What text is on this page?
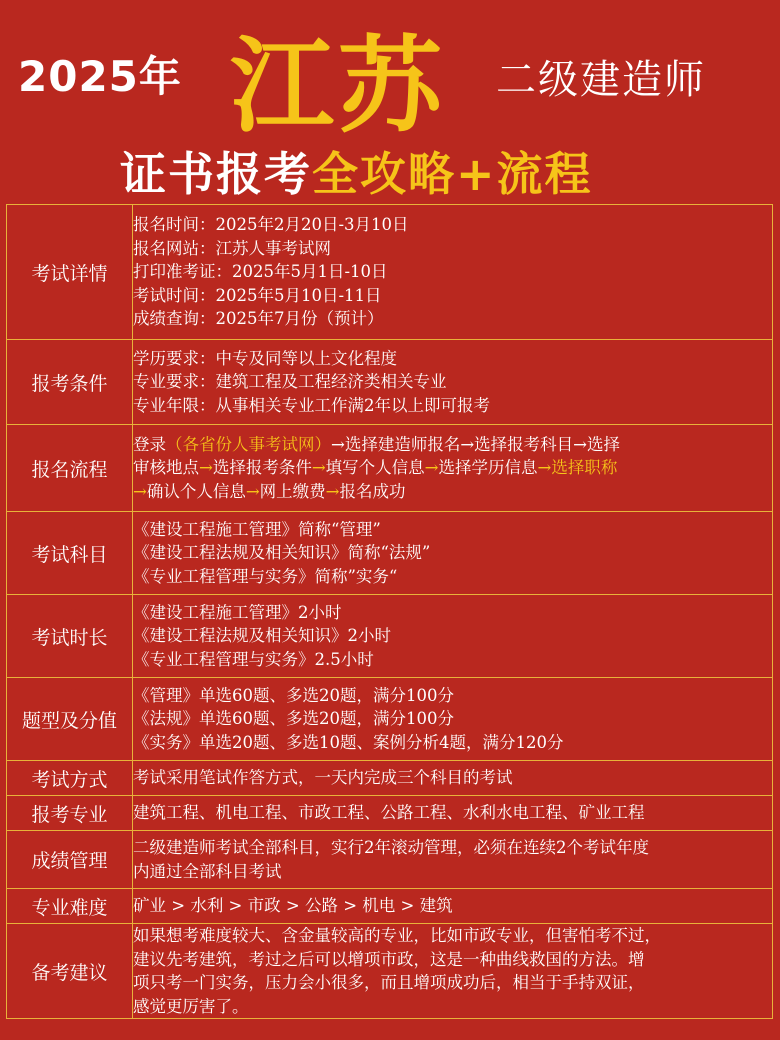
2025年 江苏 二级建造师
证书报考全攻略+流程
考试详情	报名时间：2025年2月20日-3月10日
报名网站：江苏人事考试网
打印准考证：2025年5月1日-10日
考试时间：2025年5月10日-11日
成绩查询：2025年7月份（预计）

报考条件	学历要求：中专及同等以上文化程度
专业要求：建筑工程及工程经济类相关专业
专业年限：从事相关专业工作满2年以上即可报考

报名流程	登录（各省份人事考试网）→选择建造师报名→选择报考科目→选择
审核地点→选择报考条件→填写个人信息→选择学历信息→选择职称
→确认个人信息→网上缴费→报名成功

考试科目	《建设工程施工管理》简称“管理”
《建设工程法规及相关知识》简称“法规”
《专业工程管理与实务》简称”实务“

考试时长	《建设工程施工管理》2小时
《建设工程法规及相关知识》2小时
《专业工程管理与实务》2.5小时

题型及分值	《管理》单选60题、多选20题，满分100分
《法规》单选60题、多选20题，满分100分
《实务》单选20题、多选10题、案例分析4题，满分120分

考试方式	考试采用笔试作答方式，一天内完成三个科目的考试

报考专业	建筑工程、机电工程、市政工程、公路工程、水利水电工程、矿业工程

成绩管理	二级建造师考试全部科目，实行2年滚动管理，必须在连续2个考试年度
内通过全部科目考试

专业难度	矿业 > 水利 > 市政 > 公路 > 机电 > 建筑

备考建议	如果想考难度较大、含金量较高的专业，比如市政专业，但害怕考不过，
建议先考建筑，考过之后可以增项市政，这是一种曲线救国的方法。增
项只考一门实务，压力会小很多，而且增项成功后，相当于手持双证，
感觉更厉害了。
